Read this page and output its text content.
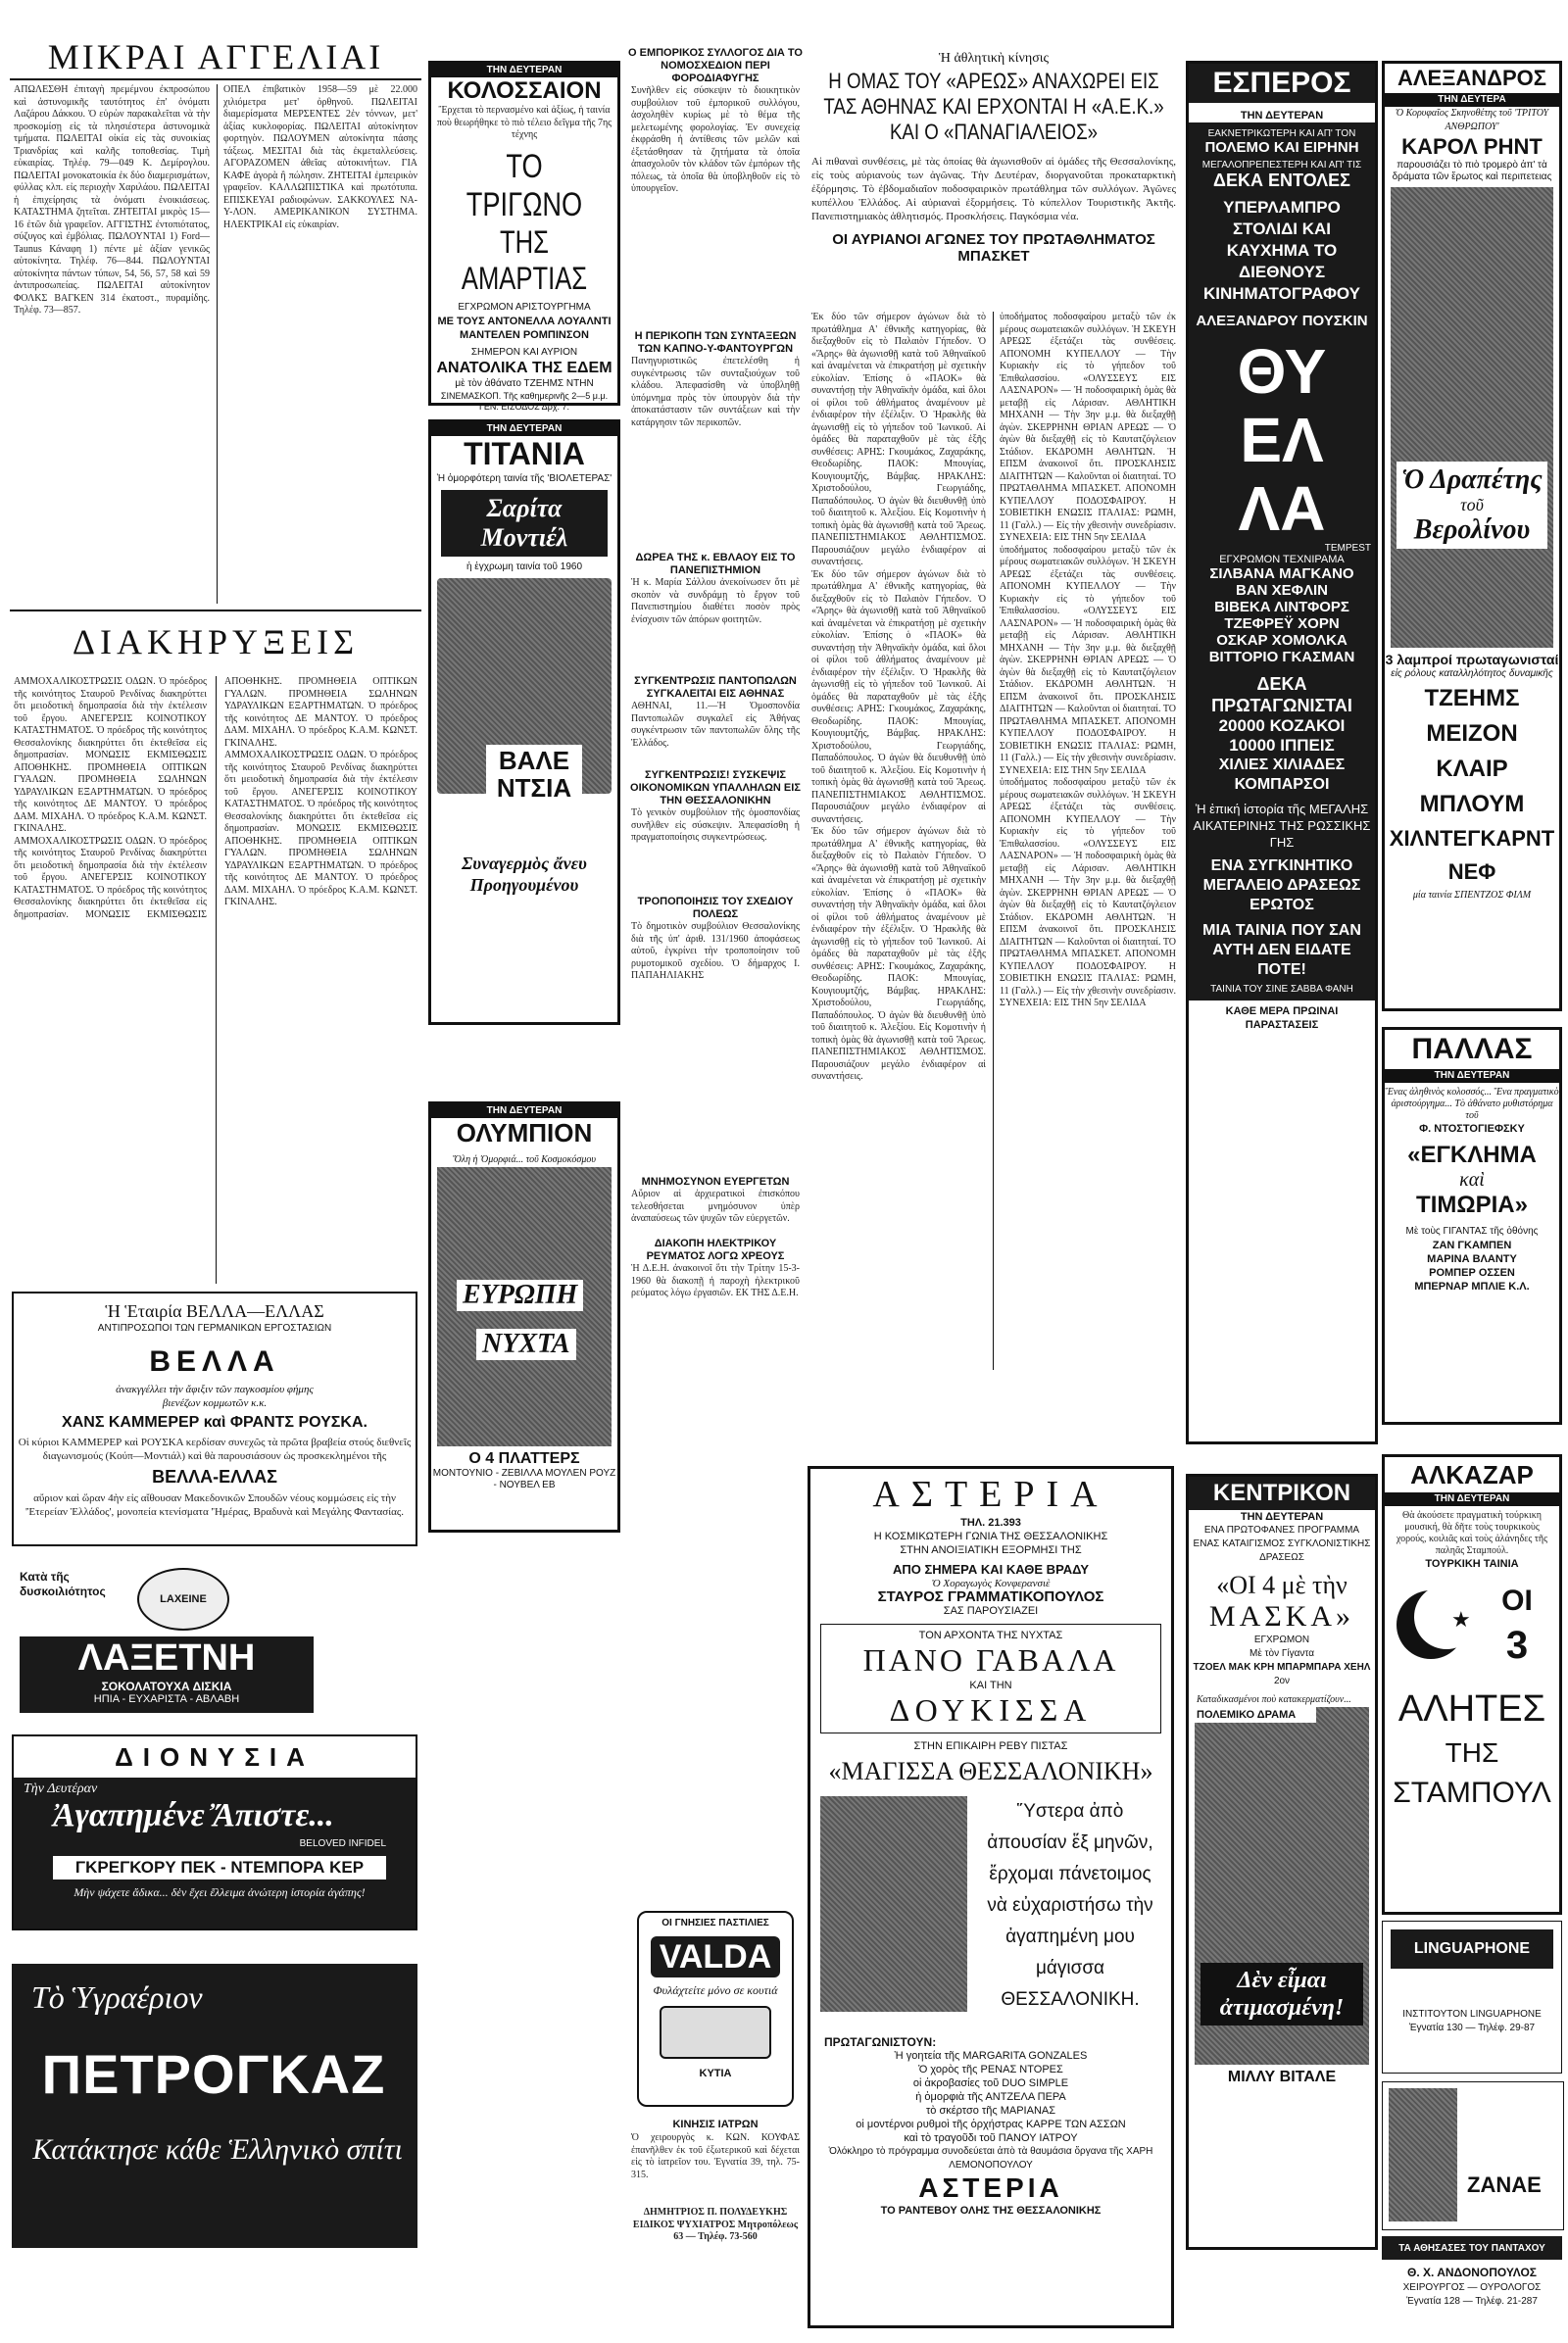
ΜΙΚΡΑΙ ΑΓΓΕΛΙΑΙ

ΑΠΩΛΕΣΘΗ ἐπιταγὴ πρεμέμνου ἐκπροσώπου καὶ ἀστυνομικῆς ταυτότητος ἐπ' ὀνόματι Λαζάρου Δάκκου. Ὁ εὑρὼν παρακαλεῖται νὰ τὴν προσκομίσῃ εἰς τὰ πλησιέστερα ἀστυνομικὰ τμήματα. ΠΩΛΕΙΤΑΙ οἰκία εἰς τὰς συνοικίας Τριανδρίας καὶ καλῆς τοποθεσίας. Τιμὴ εὐκαιρίας. Τηλέφ. 79—049 Κ. Δεμίρογλου. ΠΩΛΕΙΤΑΙ μονοκατοικία ἐκ δύο διαμερισμάτων, φύλλας κλπ. εἰς περιοχὴν Χαριλάου. ΠΩΛΕΙΤΑΙ ἡ ἐπιχείρησις τὰ ὀνόματι ἐνοικιάσεως. ΚΑΤΑΣΤΗΜΑ ζητεῖται. ΖΗΤΕΙΤΑΙ μικρὸς 15—16 ἐτῶν διὰ γραφεῖον. ΑΓΓΙΣΤΗΣ ἐντοπιότατος, σύζυγος καὶ ἐμβόλιας. ΠΩΛΟΥΝΤΑΙ 1) Ford—Taunus Κάναφη 1) πέντε μὲ ἀξίαν γενικῶς αὐτοκίνητα. Τηλέφ. 76—844. ΠΩΛΟΥΝΤΑΙ αὐτοκίνητα πάντων τύπων, 54, 56, 57, 58 καὶ 59 ἀντιπροσωπείας. ΠΩΛΕΙΤΑΙ αὐτοκίνητον ΦΟΛΚΣ ΒΑΓΚΕΝ 314 ἐκατοστ., πυραμίδης. Τηλέφ. 73—857.

ΟΠΕΛ ἐπιβατικὸν 1958—59 μὲ 22.000 χιλιόμετρα μετ' ὀρθηνοῦ. ΠΩΛΕΙΤΑΙ διαμερίσματα ΜΕΡΣΕΝΤΕΣ 2ἐν τόννων, μετ' ἀξίας κυκλοφορίας. ΠΩΛΕΙΤΑΙ αὐτοκίνητον φορτηγὸν. ΠΩΛΟΥΜΕΝ αὐτοκίνητα πάσης τάξεως. ΜΕΣΙΤΑΙ διὰ τὰς ἐκμεταλλεύσεις. ΑΓΟΡΑΖΟΜΕΝ ἀθεῖας αὐτοκινήτων. ΓΙΑ ΚΑΦΕ ἀγορὰ ἢ πώλησιν. ΖΗΤΕΙΤΑΙ ἐμπειρικὸν γραφεῖον. ΚΑΛΛΩΠΙΣΤΙΚΑ καὶ πρωτότυπα. ΕΠΙΣΚΕΥΑΙ ραδιοφώνων. ΣΑΚΚΟΥΛΕΣ ΝΑ-Υ-ΛΟΝ. ΑΜΕΡΙΚΑΝΙΚΟΝ ΣΥΣΤΗΜΑ. ΗΛΕΚΤΡΙΚΑΙ εἰς εὐκαιρίαν.

ΔΙΑΚΗΡΥΞΕΙΣ

ΑΜΜΟΧΑΛΙΚΟΣΤΡΩΣΙΣ ΟΔΩΝ. Ὁ πρόεδρος τῆς κοινότητος Σταυροῦ Ρενδίνας διακηρύττει ὅτι μειοδοτικὴ δημοπρασία διὰ τὴν ἐκτέλεσιν τοῦ ἔργου. ΑΝΕΓΕΡΣΙΣ ΚΟΙΝΟΤΙΚΟΥ ΚΑΤΑΣΤΗΜΑΤΟΣ. Ὁ πρόεδρος τῆς κοινότητος Θεσσαλονίκης διακηρύττει ὅτι ἐκτεθεῖσα εἰς δημοπρασίαν. ΜΟΝΩΣΙΣ ΕΚΜΙΣΘΩΣΙΣ ΑΠΟΘΗΚΗΣ. ΠΡΟΜΗΘΕΙΑ ΟΠΤΙΚΩΝ ΓΥΑΛΩΝ. ΠΡΟΜΗΘΕΙΑ ΣΩΛΗΝΩΝ ΥΔΡΑΥΛΙΚΩΝ ΕΞΑΡΤΗΜΑΤΩΝ. Ὁ πρόεδρος τῆς κοινότητος ΔΕ ΜΑΝΤΟΥ. Ὁ πρόεδρος ΔΑΜ. ΜΙΧΑΗΛ. Ὁ πρόεδρος Κ.Α.Μ. ΚΩΝΣΤ. ΓΚΙΝΑΛΗΣ.

ΑΜΜΟΧΑΛΙΚΟΣΤΡΩΣΙΣ ΟΔΩΝ. Ὁ πρόεδρος τῆς κοινότητος Σταυροῦ Ρενδίνας διακηρύττει ὅτι μειοδοτικὴ δημοπρασία διὰ τὴν ἐκτέλεσιν τοῦ ἔργου. ΑΝΕΓΕΡΣΙΣ ΚΟΙΝΟΤΙΚΟΥ ΚΑΤΑΣΤΗΜΑΤΟΣ. Ὁ πρόεδρος τῆς κοινότητος Θεσσαλονίκης διακηρύττει ὅτι ἐκτεθεῖσα εἰς δημοπρασίαν. ΜΟΝΩΣΙΣ ΕΚΜΙΣΘΩΣΙΣ ΑΠΟΘΗΚΗΣ. ΠΡΟΜΗΘΕΙΑ ΟΠΤΙΚΩΝ ΓΥΑΛΩΝ. ΠΡΟΜΗΘΕΙΑ ΣΩΛΗΝΩΝ ΥΔΡΑΥΛΙΚΩΝ ΕΞΑΡΤΗΜΑΤΩΝ. Ὁ πρόεδρος τῆς κοινότητος ΔΕ ΜΑΝΤΟΥ. Ὁ πρόεδρος ΔΑΜ. ΜΙΧΑΗΛ. Ὁ πρόεδρος Κ.Α.Μ. ΚΩΝΣΤ. ΓΚΙΝΑΛΗΣ.

ΑΜΜΟΧΑΛΙΚΟΣΤΡΩΣΙΣ ΟΔΩΝ. Ὁ πρόεδρος τῆς κοινότητος Σταυροῦ Ρενδίνας διακηρύττει ὅτι μειοδοτικὴ δημοπρασία διὰ τὴν ἐκτέλεσιν τοῦ ἔργου. ΑΝΕΓΕΡΣΙΣ ΚΟΙΝΟΤΙΚΟΥ ΚΑΤΑΣΤΗΜΑΤΟΣ. Ὁ πρόεδρος τῆς κοινότητος Θεσσαλονίκης διακηρύττει ὅτι ἐκτεθεῖσα εἰς δημοπρασίαν. ΜΟΝΩΣΙΣ ΕΚΜΙΣΘΩΣΙΣ ΑΠΟΘΗΚΗΣ. ΠΡΟΜΗΘΕΙΑ ΟΠΤΙΚΩΝ ΓΥΑΛΩΝ. ΠΡΟΜΗΘΕΙΑ ΣΩΛΗΝΩΝ ΥΔΡΑΥΛΙΚΩΝ ΕΞΑΡΤΗΜΑΤΩΝ. Ὁ πρόεδρος τῆς κοινότητος ΔΕ ΜΑΝΤΟΥ. Ὁ πρόεδρος ΔΑΜ. ΜΙΧΑΗΛ. Ὁ πρόεδρος Κ.Α.Μ. ΚΩΝΣΤ. ΓΚΙΝΑΛΗΣ.

Ἡ Ἑταιρία ΒΕΛΛΑ—ΕΛΛΑΣ
ΑΝΤΙΠΡΟΣΩΠΟΙ ΤΩΝ ΓΕΡΜΑΝΙΚΩΝ ΕΡΓΟΣΤΑΣΙΩΝ
ΒΕΛΛΑ
ἀνακγγέλλει τὴν ἄφιξιν τῶν παγκοσμίου φήμης
βιενέζων κομμωτῶν κ.κ.
ΧΑΝΣ ΚΑΜΜΕΡΕΡ καὶ ΦΡΑΝΤΣ ΡΟΥΣΚΑ.
Οἱ κύριοι ΚΑΜΜΕΡΕΡ καὶ ΡΟΥΣΚΑ κερδίσαν συνεχῶς τὰ πρῶτα βραβεία στούς διεθνεῖς διαγωνισμούς (Κούπ—Μοντιάλ) καὶ θὰ παρουσιάσουν ὡς προσκεκλημένοι τῆς
ΒΕΛΛΑ-ΕΛΛΑΣ
αὔριον καὶ ὥραν 4ὴν εἰς αἴθουσαν Μακεδονικῶν Σπουδῶν νέους κομμώσεις εἰς τὴν 'Ἑτερείαν Ἑλλάδος', μονοπεία κτενίσματα 'Ἡμέρας, Βραδυνὰ καὶ Μεγάλης Φαντασίας.
Κατὰ τῆς δυσκοιλιότητος
LAXEINE
ΛΑΞΕΤΝΗ
ΣΟΚΟΛΑΤΟΥΧΑ ΔΙΣΚΙΑ
ΗΠΙΑ - ΕΥΧΑΡΙΣΤΑ - ΑΒΛΑΒΗ
ΔΙΟΝΥΣΙΑ
Τὴν Δευτέραν
Ἀγαπημένε Ἄπιστε...
BELOVED INFIDEL
ΓΚΡΕΓΚΟΡΥ ΠΕΚ - ΝΤΕΜΠΟΡΑ ΚΕΡ
Μὴν ψάχετε ἄδικα... δὲν ἔχει ἔλλειμα ἀνώτερη ἱστορία ἀγάπης!
Τὸ Ὑγραέριον
ΠΕΤΡΟΓΚΑΖ
Κατάκτησε κάθε Ἑλληνικὸ σπίτι
ΤΗΝ ΔΕΥΤΕΡΑΝ
ΚΟΛΟΣΣΑΙΟΝ
Ἔρχεται τὸ περνασμένο καὶ ἀξίως, ἡ ταινία ποὺ θεωρήθηκε τὸ πιὸ τέλειο δεῖγμα τῆς 7ης τέχνης
ΤΟ ΤΡΙΓΩΝΟ
ΤΗΣ ΑΜΑΡΤΙΑΣ
ΕΓΧΡΩΜΟΝ ΑΡΙΣΤΟΥΡΓΗΜΑ
ΜΕ ΤΟΥΣ ΑΝΤΟΝΕΛΛΑ ΛΟΥΑΛΝΤΙ ΜΑΝΤΕΛΕΝ ΡΟΜΠΙΝΣΟΝ
ΣΗΜΕΡΟΝ ΚΑΙ ΑΥΡΙΟΝ
ΑΝΑΤΟΛΙΚΑ ΤΗΣ ΕΔΕΜ
μὲ τὸν ἀθάνατο ΤΖΕΗΜΣ ΝΤΗΝ
ΣΙΝΕΜΑΣΚΟΠ. Τῆς καθημερινῆς 2—5 μ.μ. ΓΕΝ. ΕΙΣΟΔΟΣ Δρχ. 7.
ΤΗΝ ΔΕΥΤΕΡΑΝ
ΤΙΤΑΝΙΑ
Ἡ ὁμορφότερη ταινία τῆς 'ΒΙΟΛΕΤΕΡΑΣ'
Σαρίτα Μοντιέλ
ἡ ἐγχρωμη ταινία τοῦ 1960
ΒΑΛΕΝΤΣΙΑ
Συναγερμὸς ἄνευ Προηγουμένου
ΤΗΝ ΔΕΥΤΕΡΑΝ
ΟΛΥΜΠΙΟΝ
Ὅλη ἡ Ὀμορφιά... τοῦ Κοσμοκόσμου
ΕΥΡΩΠΗ
ΝΥΧΤΑ
Ο 4 ΠΛΑΤΤΕΡΣ
ΜΟΝΤΟΥΝΙΟ - ΖΕΒΙΛΛΑ ΜΟΥΛΕΝ ΡΟΥΖ - ΝΟΥΒΕΛ ΕΒ
Ο ΕΜΠΟΡΙΚΟΣ ΣΥΛΛΟΓΟΣ ΔΙΑ ΤΟ ΝΟΜΟΣΧΕΔΙΟΝ ΠΕΡΙ ΦΟΡΟΔΙΑΦΥΓΗΣ

Συνῆλθεν εἰς σύσκεψιν τὸ διοικητικὸν συμβούλιον τοῦ ἐμπορικοῦ συλλόγου, ἀσχοληθὲν κυρίως μὲ τὸ θέμα τῆς μελετωμένης φορολογίας. Ἐν συνεχείᾳ ἐκφράσθη ἡ ἀντίθεσις τῶν μελῶν καὶ ἐξετάσθησαν τὰ ζητήματα τὰ ὁποῖα ἀπασχολοῦν τὸν κλάδον τῶν ἐμπόρων τῆς πόλεως, τὰ ὁποῖα θὰ ὑποβληθοῦν εἰς τὸ ὑπουργεῖον.

Η ΠΕΡΙΚΟΠΗ ΤΩΝ ΣΥΝΤΑΞΕΩΝ ΤΩΝ ΚΑΠΝΟ-Υ-ΦΑΝΤΟΥΡΓΩΝ

Πανηγυριστικῶς ἐπετελέσθη ἡ συγκέντρωσις τῶν συνταξιούχων τοῦ κλάδου. Ἀπεφασίσθη νὰ ὑποβληθῇ ὑπόμνημα πρὸς τὸν ὑπουργὸν διὰ τὴν ἀποκατάστασιν τῶν συντάξεων καὶ τὴν κατάργησιν τῶν περικοπῶν.

ΔΩΡΕΑ ΤΗΣ κ. ΕΒΛΑΟΥ ΕΙΣ ΤΟ ΠΑΝΕΠΙΣΤΗΜΙΟΝ

Ἡ κ. Μαρία Σάλλου ἀνεκοίνωσεν ὅτι μὲ σκοπὸν νὰ συνδράμῃ τὸ ἔργον τοῦ Πανεπιστημίου διαθέτει ποσὸν πρὸς ἐνίσχυσιν τῶν ἀπόρων φοιτητῶν.

ΣΥΓΚΕΝΤΡΩΣΙΣ ΠΑΝΤΟΠΩΛΩΝ ΣΥΓΚΑΛΕΙΤΑΙ ΕΙΣ ΑΘΗΝΑΣ

ΑΘΗΝΑΙ, 11.—Ἡ Ὁμοσπονδία Παντοπωλῶν συγκαλεῖ εἰς Ἀθήνας συγκέντρωσιν τῶν παντοπωλῶν ὅλης τῆς Ἑλλάδος.

ΣΥΓΚΕΝΤΡΩΣΙΣ! ΣΥΣΚΕΨΙΣ ΟΙΚΟΝΟΜΙΚΩΝ ΥΠΑΛΛΗΛΩΝ ΕΙΣ ΤΗΝ ΘΕΣΣΑΛΟΝΙΚΗΝ

Τὸ γενικὸν συμβούλιον τῆς ὁμοσπονδίας συνῆλθεν εἰς σύσκεψιν. Ἀπεφασίσθη ἡ πραγματοποίησις συγκεντρώσεως.

ΤΡΟΠΟΠΟΙΗΣΙΣ ΤΟΥ ΣΧΕΔΙΟΥ ΠΟΛΕΩΣ

Τὸ δημοτικὸν συμβούλιον Θεσσαλονίκης διὰ τῆς ὑπ' ἀριθ. 131/1960 ἀποφάσεως αὐτοῦ, ἐγκρίνει τὴν τροποποίησιν τοῦ ρυμοτομικοῦ σχεδίου. Ὁ δήμαρχος Ι. ΠΑΠΑΗΛΙΑΚΗΣ

ΜΝΗΜΟΣΥΝΟΝ ΕΥΕΡΓΕΤΩΝ

Αὔριον αἱ ἀρχιερατικοὶ ἐπισκόπου τελεσθήσεται μνημόσυνον ὑπὲρ ἀναπαύσεως τῶν ψυχῶν τῶν εὐεργετῶν.

ΔΙΑΚΟΠΗ ΗΛΕΚΤΡΙΚΟΥ ΡΕΥΜΑΤΟΣ ΛΟΓΩ ΧΡΕΟΥΣ

Ἡ Δ.Ε.Η. ἀνακοινοῖ ὅτι τὴν Τρίτην 15-3-1960 θὰ διακοπῇ ἡ παροχὴ ἠλεκτρικοῦ ρεύματος λόγω ἐργασιῶν. ΕΚ ΤΗΣ Δ.Ε.Η.

ΟΙ ΓΝΗΣΙΕΣ ΠΑΣΤΙΛΙΕΣ
VALDA
Φυλάχτείτε μόνο σε κουτιά
ΚΥΤΙΑ
ΚΙΝΗΣΙΣ ΙΑΤΡΩΝ

Ὁ χειρουργὸς κ. ΚΩΝ. ΚΟΥΦΑΣ ἐπανῆλθεν ἐκ τοῦ ἐξωτερικοῦ καὶ δέχεται εἰς τὸ ἰατρεῖον του. Ἐγνατία 39, τηλ. 75-315.

ΔΗΜΗΤΡΙΟΣ Π. ΠΟΛΥΔΕΥΚΗΣ ΕΙΔΙΚΟΣ ΨΥΧΙΑΤΡΟΣ Μητροπόλεως 63 — Τηλέφ. 73-560

Ἡ ἀθλητικὴ κίνησις
Η ΟΜΑΣ ΤΟΥ «ΑΡΕΩΣ» ΑΝΑΧΩΡΕΙ ΕΙΣ ΤΑΣ ΑΘΗΝΑΣ ΚΑΙ ΕΡΧΟΝΤΑΙ Η «Α.Ε.Κ.» ΚΑΙ Ο «ΠΑΝΑΓΙΑΛΕΙΟΣ»

Αἱ πιθαναὶ συνθέσεις, μὲ τὰς ὁποίας θὰ ἀγωνισθοῦν αἱ ὁμάδες τῆς Θεσσαλονίκης, εἰς τοὺς αὐριανοὺς των ἀγῶνας. Τὴν Δευτέραν, διοργανοῦται προκαταρκτικὴ ἐξόρμησις. Τὸ ἐβδομαδιαῖον ποδοσφαιρικὸν πρωτάθλημα τῶν συλλόγων. Ἀγῶνες κυπέλλου Ἑλλάδος. Αἱ αὐριαναὶ ἐξορμήσεις. Τὸ κύπελλον Τουριστικῆς Ἀκτῆς. Πανεπιστημιακὸς ἀθλητισμός. Προσκλήσεις. Παγκόσμια νέα.

ΟΙ ΑΥΡΙΑΝΟΙ ΑΓΩΝΕΣ ΤΟΥ ΠΡΩΤΑΘΛΗΜΑΤΟΣ ΜΠΑΣΚΕΤ

Ἐκ δύο τῶν σήμερον ἀγώνων διὰ τὸ πρωτάθλημα Α' ἐθνικῆς κατηγορίας, θὰ διεξαχθοῦν εἰς τὸ Παλαιὸν Γήπεδον. Ὁ «Ἄρης» θὰ ἀγωνισθῇ κατὰ τοῦ Ἀθηναϊκοῦ καὶ ἀναμένεται νὰ ἐπικρατήσῃ μὲ σχετικὴν εὐκολίαν. Ἐπίσης ὁ «ΠΑΟΚ» θὰ συναντήσῃ τὴν Ἀθηναϊκὴν ὁμάδα, καὶ ὅλοι οἱ φίλοι τοῦ ἀθλήματος ἀναμένουν μὲ ἐνδιαφέρον τὴν ἐξέλιξιν. Ὁ Ἡρακλῆς θὰ ἀγωνισθῇ εἰς τὸ γήπεδον τοῦ Ἰωνικοῦ. Αἱ ὁμάδες θὰ παραταχθοῦν μὲ τὰς ἑξῆς συνθέσεις: ΑΡΗΣ: Γκουμάκος, Ζαχαράκης, Θεοδωρίδης. ΠΑΟΚ: Μπουγίας, Κουγιουμτζής, Βάμβας. ΗΡΑΚΛΗΣ: Χριστοδούλου, Γεωργιάδης, Παπαδόπουλος. Ὁ ἀγὼν θὰ διευθυνθῇ ὑπὸ τοῦ διαιτητοῦ κ. Ἀλεξίου. Εἰς Κομοτινὴν ἡ τοπικὴ ὁμὰς θὰ ἀγωνισθῇ κατὰ τοῦ Ἄρεως. ΠΑΝΕΠΙΣΤΗΜΙΑΚΟΣ ΑΘΛΗΤΙΣΜΟΣ. Παρουσιάζουν μεγάλο ἐνδιαφέρον αἱ συναντήσεις.

Ἐκ δύο τῶν σήμερον ἀγώνων διὰ τὸ πρωτάθλημα Α' ἐθνικῆς κατηγορίας, θὰ διεξαχθοῦν εἰς τὸ Παλαιὸν Γήπεδον. Ὁ «Ἄρης» θὰ ἀγωνισθῇ κατὰ τοῦ Ἀθηναϊκοῦ καὶ ἀναμένεται νὰ ἐπικρατήσῃ μὲ σχετικὴν εὐκολίαν. Ἐπίσης ὁ «ΠΑΟΚ» θὰ συναντήσῃ τὴν Ἀθηναϊκὴν ὁμάδα, καὶ ὅλοι οἱ φίλοι τοῦ ἀθλήματος ἀναμένουν μὲ ἐνδιαφέρον τὴν ἐξέλιξιν. Ὁ Ἡρακλῆς θὰ ἀγωνισθῇ εἰς τὸ γήπεδον τοῦ Ἰωνικοῦ. Αἱ ὁμάδες θὰ παραταχθοῦν μὲ τὰς ἑξῆς συνθέσεις: ΑΡΗΣ: Γκουμάκος, Ζαχαράκης, Θεοδωρίδης. ΠΑΟΚ: Μπουγίας, Κουγιουμτζής, Βάμβας. ΗΡΑΚΛΗΣ: Χριστοδούλου, Γεωργιάδης, Παπαδόπουλος. Ὁ ἀγὼν θὰ διευθυνθῇ ὑπὸ τοῦ διαιτητοῦ κ. Ἀλεξίου. Εἰς Κομοτινὴν ἡ τοπικὴ ὁμὰς θὰ ἀγωνισθῇ κατὰ τοῦ Ἄρεως. ΠΑΝΕΠΙΣΤΗΜΙΑΚΟΣ ΑΘΛΗΤΙΣΜΟΣ. Παρουσιάζουν μεγάλο ἐνδιαφέρον αἱ συναντήσεις.

Ἐκ δύο τῶν σήμερον ἀγώνων διὰ τὸ πρωτάθλημα Α' ἐθνικῆς κατηγορίας, θὰ διεξαχθοῦν εἰς τὸ Παλαιὸν Γήπεδον. Ὁ «Ἄρης» θὰ ἀγωνισθῇ κατὰ τοῦ Ἀθηναϊκοῦ καὶ ἀναμένεται νὰ ἐπικρατήσῃ μὲ σχετικὴν εὐκολίαν. Ἐπίσης ὁ «ΠΑΟΚ» θὰ συναντήσῃ τὴν Ἀθηναϊκὴν ὁμάδα, καὶ ὅλοι οἱ φίλοι τοῦ ἀθλήματος ἀναμένουν μὲ ἐνδιαφέρον τὴν ἐξέλιξιν. Ὁ Ἡρακλῆς θὰ ἀγωνισθῇ εἰς τὸ γήπεδον τοῦ Ἰωνικοῦ. Αἱ ὁμάδες θὰ παραταχθοῦν μὲ τὰς ἑξῆς συνθέσεις: ΑΡΗΣ: Γκουμάκος, Ζαχαράκης, Θεοδωρίδης. ΠΑΟΚ: Μπουγίας, Κουγιουμτζής, Βάμβας. ΗΡΑΚΛΗΣ: Χριστοδούλου, Γεωργιάδης, Παπαδόπουλος. Ὁ ἀγὼν θὰ διευθυνθῇ ὑπὸ τοῦ διαιτητοῦ κ. Ἀλεξίου. Εἰς Κομοτινὴν ἡ τοπικὴ ὁμὰς θὰ ἀγωνισθῇ κατὰ τοῦ Ἄρεως. ΠΑΝΕΠΙΣΤΗΜΙΑΚΟΣ ΑΘΛΗΤΙΣΜΟΣ. Παρουσιάζουν μεγάλο ἐνδιαφέρον αἱ συναντήσεις.

ὑποδήματος ποδοσφαίρου μεταξὺ τῶν ἐκ μέρους σωματειακῶν συλλόγων. Ἡ ΣΚΕΥΗ ΑΡΕΩΣ ἐξετάζει τὰς συνθέσεις. ΑΠΟΝΟΜΗ ΚΥΠΕΛΛΟΥ — Τὴν Κυριακὴν εἰς τὸ γήπεδον τοῦ Ἐπιθαλασσίου. «ΟΛΥΣΣΕΥΣ ΕΙΣ ΛΑΣΝΑΡΟΝ» — Ἡ ποδοσφαιρικὴ ὁμὰς θὰ μεταβῇ εἰς Λάρισαν. ΑΘΛΗΤΙΚΗ ΜΗΧΑΝΗ — Τὴν 3ην μ.μ. θὰ διεξαχθῇ ἀγὼν. ΣΚΕΡΡΗΝΗ ΘΡΙΑΝ ΑΡΕΩΣ — Ὁ ἀγὼν θὰ διεξαχθῇ εἰς τὸ Καυτατζόγλειον Στάδιον. ΕΚΔΡΟΜΗ ΑΘΛΗΤΩΝ. Ἡ ΕΠΣΜ ἀνακοινοῖ ὅτι. ΠΡΟΣΚΛΗΣΙΣ ΔΙΑΙΤΗΤΩΝ — Καλοῦνται οἱ διαιτηταί. ΤΟ ΠΡΩΤΑΘΛΗΜΑ ΜΠΑΣΚΕΤ. ΑΠΟΝΟΜΗ ΚΥΠΕΛΛΟΥ ΠΟΔΟΣΦΑΙΡΟΥ. Η ΣΟΒΙΕΤΙΚΗ ΕΝΩΣΙΣ ΙΤΑΛΙΑΣ: ΡΩΜΗ, 11 (Γαλλ.) — Εἰς τὴν χθεσινὴν συνεδρίασιν. ΣΥΝΕΧΕΙΑ: ΕΙΣ ΤΗΝ 5ην ΣΕΛΙΔΑ

ὑποδήματος ποδοσφαίρου μεταξὺ τῶν ἐκ μέρους σωματειακῶν συλλόγων. Ἡ ΣΚΕΥΗ ΑΡΕΩΣ ἐξετάζει τὰς συνθέσεις. ΑΠΟΝΟΜΗ ΚΥΠΕΛΛΟΥ — Τὴν Κυριακὴν εἰς τὸ γήπεδον τοῦ Ἐπιθαλασσίου. «ΟΛΥΣΣΕΥΣ ΕΙΣ ΛΑΣΝΑΡΟΝ» — Ἡ ποδοσφαιρικὴ ὁμὰς θὰ μεταβῇ εἰς Λάρισαν. ΑΘΛΗΤΙΚΗ ΜΗΧΑΝΗ — Τὴν 3ην μ.μ. θὰ διεξαχθῇ ἀγὼν. ΣΚΕΡΡΗΝΗ ΘΡΙΑΝ ΑΡΕΩΣ — Ὁ ἀγὼν θὰ διεξαχθῇ εἰς τὸ Καυτατζόγλειον Στάδιον. ΕΚΔΡΟΜΗ ΑΘΛΗΤΩΝ. Ἡ ΕΠΣΜ ἀνακοινοῖ ὅτι. ΠΡΟΣΚΛΗΣΙΣ ΔΙΑΙΤΗΤΩΝ — Καλοῦνται οἱ διαιτηταί. ΤΟ ΠΡΩΤΑΘΛΗΜΑ ΜΠΑΣΚΕΤ. ΑΠΟΝΟΜΗ ΚΥΠΕΛΛΟΥ ΠΟΔΟΣΦΑΙΡΟΥ. Η ΣΟΒΙΕΤΙΚΗ ΕΝΩΣΙΣ ΙΤΑΛΙΑΣ: ΡΩΜΗ, 11 (Γαλλ.) — Εἰς τὴν χθεσινὴν συνεδρίασιν. ΣΥΝΕΧΕΙΑ: ΕΙΣ ΤΗΝ 5ην ΣΕΛΙΔΑ

ὑποδήματος ποδοσφαίρου μεταξὺ τῶν ἐκ μέρους σωματειακῶν συλλόγων. Ἡ ΣΚΕΥΗ ΑΡΕΩΣ ἐξετάζει τὰς συνθέσεις. ΑΠΟΝΟΜΗ ΚΥΠΕΛΛΟΥ — Τὴν Κυριακὴν εἰς τὸ γήπεδον τοῦ Ἐπιθαλασσίου. «ΟΛΥΣΣΕΥΣ ΕΙΣ ΛΑΣΝΑΡΟΝ» — Ἡ ποδοσφαιρικὴ ὁμὰς θὰ μεταβῇ εἰς Λάρισαν. ΑΘΛΗΤΙΚΗ ΜΗΧΑΝΗ — Τὴν 3ην μ.μ. θὰ διεξαχθῇ ἀγὼν. ΣΚΕΡΡΗΝΗ ΘΡΙΑΝ ΑΡΕΩΣ — Ὁ ἀγὼν θὰ διεξαχθῇ εἰς τὸ Καυτατζόγλειον Στάδιον. ΕΚΔΡΟΜΗ ΑΘΛΗΤΩΝ. Ἡ ΕΠΣΜ ἀνακοινοῖ ὅτι. ΠΡΟΣΚΛΗΣΙΣ ΔΙΑΙΤΗΤΩΝ — Καλοῦνται οἱ διαιτηταί. ΤΟ ΠΡΩΤΑΘΛΗΜΑ ΜΠΑΣΚΕΤ. ΑΠΟΝΟΜΗ ΚΥΠΕΛΛΟΥ ΠΟΔΟΣΦΑΙΡΟΥ. Η ΣΟΒΙΕΤΙΚΗ ΕΝΩΣΙΣ ΙΤΑΛΙΑΣ: ΡΩΜΗ, 11 (Γαλλ.) — Εἰς τὴν χθεσινὴν συνεδρίασιν. ΣΥΝΕΧΕΙΑ: ΕΙΣ ΤΗΝ 5ην ΣΕΛΙΔΑ

ΑΣΤΕΡΙΑ
ΤΗΛ. 21.393
Η ΚΟΣΜΙΚΩΤΕΡΗ ΓΩΝΙΑ ΤΗΣ ΘΕΣΣΑΛΟΝΙΚΗΣ
ΣΤΗΝ ΑΝΟΙΞΙΑΤΙΚΗ ΕΞΟΡΜΗΣΙ ΤΗΣ
ΑΠΟ ΣΗΜΕΡΑ ΚΑΙ ΚΑΘΕ ΒΡΑΔΥ
Ὁ Χοραγωγὸς Κονφερανσιὲ
ΣΤΑΥΡΟΣ ΓΡΑΜΜΑΤΙΚΟΠΟΥΛΟΣ
ΣΑΣ ΠΑΡΟΥΣΙΑΖΕΙ
ΤΟΝ ΑΡΧΟΝΤΑ ΤΗΣ ΝΥΧΤΑΣ
ΠΑΝΟ ΓΑΒΑΛΑ
ΚΑΙ ΤΗΝ
ΔΟΥΚΙΣΣΑ
ΣΤΗΝ ΕΠΙΚΑΙΡΗ ΡΕΒΥ ΠΙΣΤΑΣ
«ΜΑΓΙΣΣΑ ΘΕΣΣΑΛΟΝΙΚΗ»
Ὕστερα ἀπὸ ἀπουσίαν ἕξ μηνῶν, ἔρχομαι πάνετοιμος νὰ εὐχαριστήσω τὴν ἀγαπημένη μου μάγισσα ΘΕΣΣΑΛΟΝΙΚΗ.
ΠΡΩΤΑΓΩΝΙΣΤΟΥΝ:
Ἡ γοητεία τῆς MARGARITA GONZALES
Ὁ χορὸς τῆς ΡΕΝΑΣ ΝΤΟΡΕΣ
οἱ ἀκροβασίες τοῦ DUO SIMPLE
ἡ ὀμορφιὰ τῆς ΑΝΤΖΕΛΑ ΠΕΡΑ
τὸ σκέρτσο τῆς ΜΑΡΙΑΝΑΣ
οἱ μοντέρνοι ρυθμοὶ τῆς ὀρχήστρας ΚΑΡΡΕ ΤΩΝ ΑΣΣΩΝ
καὶ τὸ τραγοῦδι τοῦ ΠΑΝΟΥ ΙΑΤΡΟΥ
Ὁλόκληρο τὸ πρόγραμμα συνοδεύεται ἀπὸ τὰ θαυμάσια ὄργανα τῆς ΧΑΡΗ ΛΕΜΟΝΟΠΟΥΛΟΥ
ΑΣΤΕΡΙΑ
ΤΟ ΡΑΝΤΕΒΟΥ ΟΛΗΣ ΤΗΣ ΘΕΣΣΑΛΟΝΙΚΗΣ
ΕΣΠΕΡΟΣ
ΤΗΝ ΔΕΥΤΕΡΑΝ
ΕΑΚΝΕΤΡΙΚΩΤΕΡΗ ΚΑΙ ΑΠ' ΤΟΝ
ΠΟΛΕΜΟ ΚΑΙ ΕΙΡΗΝΗ
ΜΕΓΑΛΟΠΡΕΠΕΣΤΕΡΗ ΚΑΙ ΑΠ' ΤΙΣ
ΔΕΚΑ ΕΝΤΟΛΕΣ
ΥΠΕΡΛΑΜΠΡΟ ΣΤΟΛΙΔΙ ΚΑΙ ΚΑΥΧΗΜΑ ΤΟ ΔΙΕΘΝΟΥΣ ΚΙΝΗΜΑΤΟΓΡΑΦΟΥ
ΑΛΕΞΑΝΔΡΟΥ ΠΟΥΣΚΙΝ
ΘΥ
ΕΛ
ΛΑ
TEMPEST
ΕΓΧΡΩΜΟΝ ΤΕΧΝΙΡΑΜΑ
ΣΙΛΒΑΝΑ ΜΑΓΚΑΝΟ
ΒΑΝ ΧΕΦΛΙΝ
ΒΙΒΕΚΑ ΛΙΝΤΦΟΡΣ
ΤΖΕΦΡΕΫ ΧΟΡΝ
ΟΣΚΑΡ ΧΟΜΟΛΚΑ
ΒΙΤΤΟΡΙΟ ΓΚΑΣΜΑΝ
ΔΕΚΑ ΠΡΩΤΑΓΩΝΙΣΤΑΙ
20000 ΚΟΖΑΚΟΙ
10000 ΙΠΠΕΙΣ
ΧΙΛΙΕΣ ΧΙΛΙΑΔΕΣ ΚΟΜΠΑΡΣΟΙ
Ἡ ἐπική ἰστορία τῆς ΜΕΓΑΛΗΣ ΑΙΚΑΤΕΡΙΝΗΣ ΤΗΣ ΡΩΣΣΙΚΗΣ ΓΗΣ
ΕΝΑ ΣΥΓΚΙΝΗΤΙΚΟ ΜΕΓΑΛΕΙΟ ΔΡΑΣΕΩΣ ΕΡΩΤΟΣ
ΜΙΑ ΤΑΙΝΙΑ ΠΟΥ ΣΑΝ ΑΥΤΗ ΔΕΝ ΕΙΔΑΤΕ ΠΟΤΕ!
ΤΑΙΝΙΑ ΤΟΥ ΣΙΝΕ ΣΑΒΒΑ ΦΑΝΗ
ΚΑΘΕ ΜΕΡΑ ΠΡΩΙΝΑΙ ΠΑΡΑΣΤΑΣΕΙΣ
ΚΕΝΤΡΙΚΟΝ
ΤΗΝ ΔΕΥΤΕΡΑΝ
ΕΝΑ ΠΡΩΤΟΦΑΝΕΣ ΠΡΟΓΡΑΜΜΑ
ΕΝΑΣ ΚΑΤΑΙΓΙΣΜΟΣ ΣΥΓΚΛΟΝΙΣΤΙΚΗΣ ΔΡΑΣΕΩΣ
«ΟΙ 4 μὲ τὴν
ΜΑΣΚΑ»
ΕΓΧΡΩΜΟΝ
Μὲ τὸν Γίγαντα
ΤΖΟΕΛ ΜΑΚ ΚΡΗ ΜΠΑΡΜΠΑΡΑ ΧΕΗΛ
2ον
Καταδικασμένοι ποὺ κατακερματίζουν...
ΠΟΛΕΜΙΚΟ ΔΡΑΜΑ
Δὲν εἶμαι ἀτιμασμένη!
ΜΙΛΛΥ ΒΙΤΑΛΕ
ΑΛΕΞΑΝΔΡΟΣ
ΤΗΝ ΔΕΥΤΕΡΑ
Ὁ Κορυφαῖος Σκηνοθέτης τοῦ 'ΤΡΙΤΟΥ ΑΝΘΡΩΠΟΥ'
ΚΑΡΟΛ ΡΗΝΤ
παρουσιάζει τὸ πιὸ τρομερὸ ἀπ' τὰ δράματα τῶν ἔρωτος καὶ περιπετειας
Ὁ Δραπέτης
τοῦ
Βερολίνου
3 λαμπροί πρωταγωνισταί
εἰς ρόλους καταλληλότητος δυναμικῆς
ΤΖΕΗΜΣ ΜΕΙΖΟΝ
ΚΛΑΙΡ ΜΠΛΟΥΜ
ΧΙΛΝΤΕΓΚΑΡΝΤ ΝΕΦ
μία ταινία ΣΠΕΝΤΖΟΣ ΦΙΛΜ
ΠΑΛΛΑΣ
ΤΗΝ ΔΕΥΤΕΡΑΝ
Ἕνας ἀληθινὸς κολοσσός... Ἕνα πραγματικὸ ἀριστούργημα... Τὸ ἀθάνατο μυθιστόρημα τοῦ
Φ. ΝΤΟΣΤΟΓΙΕΦΣΚΥ
«ΕΓΚΛΗΜΑ
καὶ
ΤΙΜΩΡΙΑ»
Μὲ τοὺς ΓΙΓΑΝΤΑΣ τῆς ὀθόνης
ΖΑΝ ΓΚΑΜΠΕΝ
ΜΑΡΙΝΑ ΒΛΑΝΤΥ
ΡΟΜΠΕΡ ΟΣΣΕΝ
ΜΠΕΡΝΑΡ ΜΠΛΙΕ Κ.Λ.
ΑΛΚΑΖΑΡ
ΤΗΝ ΔΕΥΤΕΡΑΝ
Θὰ ἀκούσετε πραγματικὴ τούρκικη μουσική, θὰ δῆτε τοὺς τουρκικοὺς χορούς, κοιλιᾶς καὶ τοὺς ἀλάνηδες τῆς παληᾶς Σταμπούλ.
ΤΟΥΡΚΙΚΗ ΤΑΙΝΙΑ
★
ΟΙ
3
ΑΛΗΤΕΣ
ΤΗΣ
ΣΤΑΜΠΟΥΛ
LINGUAPHONE
ΙΝΣΤΙΤΟΥΤΟΝ LINGUAPHONE
Ἐγνατία 130 — Τηλέφ. 29-87
ΖΑΝΑΕ
ΤΑ ΑΘΗΣΑΣΕΣ ΤΟΥ ΠΑΝΤΑΧΟΥ
Θ. Χ. ΑΝΔΟΝΟΠΟΥΛΟΣ
ΧΕΙΡΟΥΡΓΟΣ — ΟΥΡΟΛΟΓΟΣ
Ἐγνατία 128 — Τηλέφ. 21-287
